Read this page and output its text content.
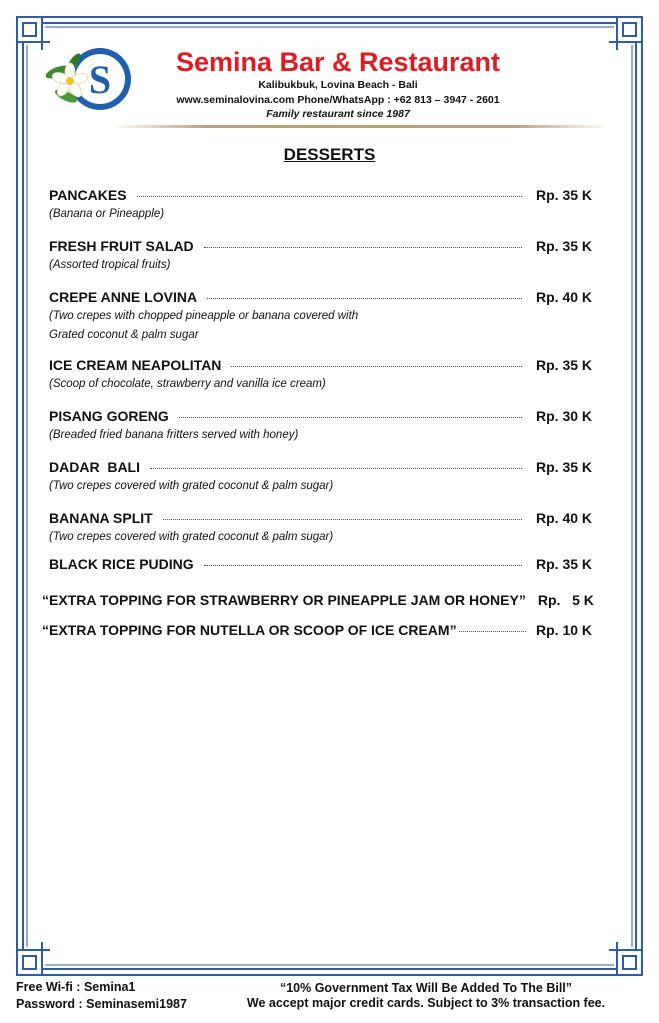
S	Semina Bar & Restaurant
Kalibukbuk, Lovina Beach - Bali
www.seminalovina.com Phone/WhatsApp : +62 813 – 3947 - 2601
Family restaurant since 1987
DESSERTS
PANCAKES	Rp. 35 K
(Banana or Pineapple)
FRESH FRUIT SALAD	Rp. 35 K
(Assorted tropical fruits)
CREPE ANNE LOVINA	Rp. 40 K
(Two crepes with chopped pineapple or banana covered with
Grated coconut & palm sugar
ICE CREAM NEAPOLITAN	Rp. 35 K
(Scoop of chocolate, strawberry and vanilla ice cream)
PISANG GORENG	Rp. 30 K
(Breaded fried banana fritters served with honey)
DADAR  BALI	Rp. 35 K
(Two crepes covered with grated coconut & palm sugar)
BANANA SPLIT	Rp. 40 K
(Two crepes covered with grated coconut & palm sugar)
BLACK RICE PUDING	Rp. 35 K
“EXTRA TOPPING FOR STRAWBERRY OR PINEAPPLE JAM OR HONEY” Rp.   5 K
“EXTRA TOPPING FOR NUTELLA OR SCOOP OF ICE CREAM”	Rp. 10 K
Free Wi-fi : Semina1
Password : Seminasemi1987
“10% Government Tax Will Be Added To The Bill”
We accept major credit cards. Subject to 3% transaction fee.
